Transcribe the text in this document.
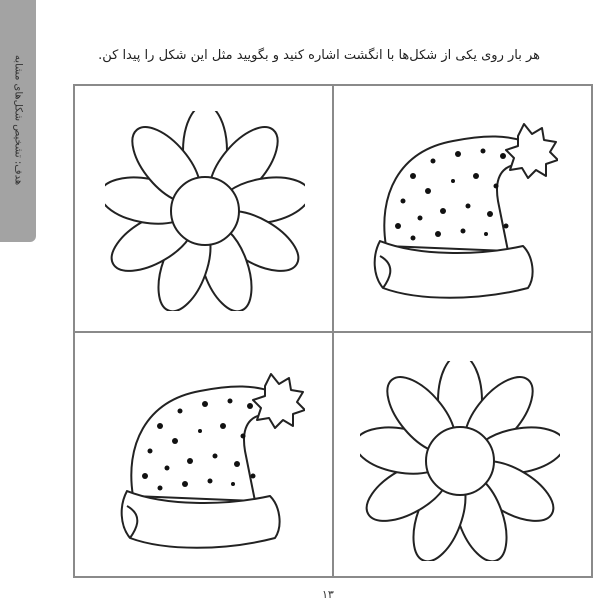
هدف: تشخیص شکل‌های مشابه	هر بار روی یکی از شکل‌ها با انگشت اشاره کنید و بگویید مثل این شکل را پیدا کن.
۱۳
